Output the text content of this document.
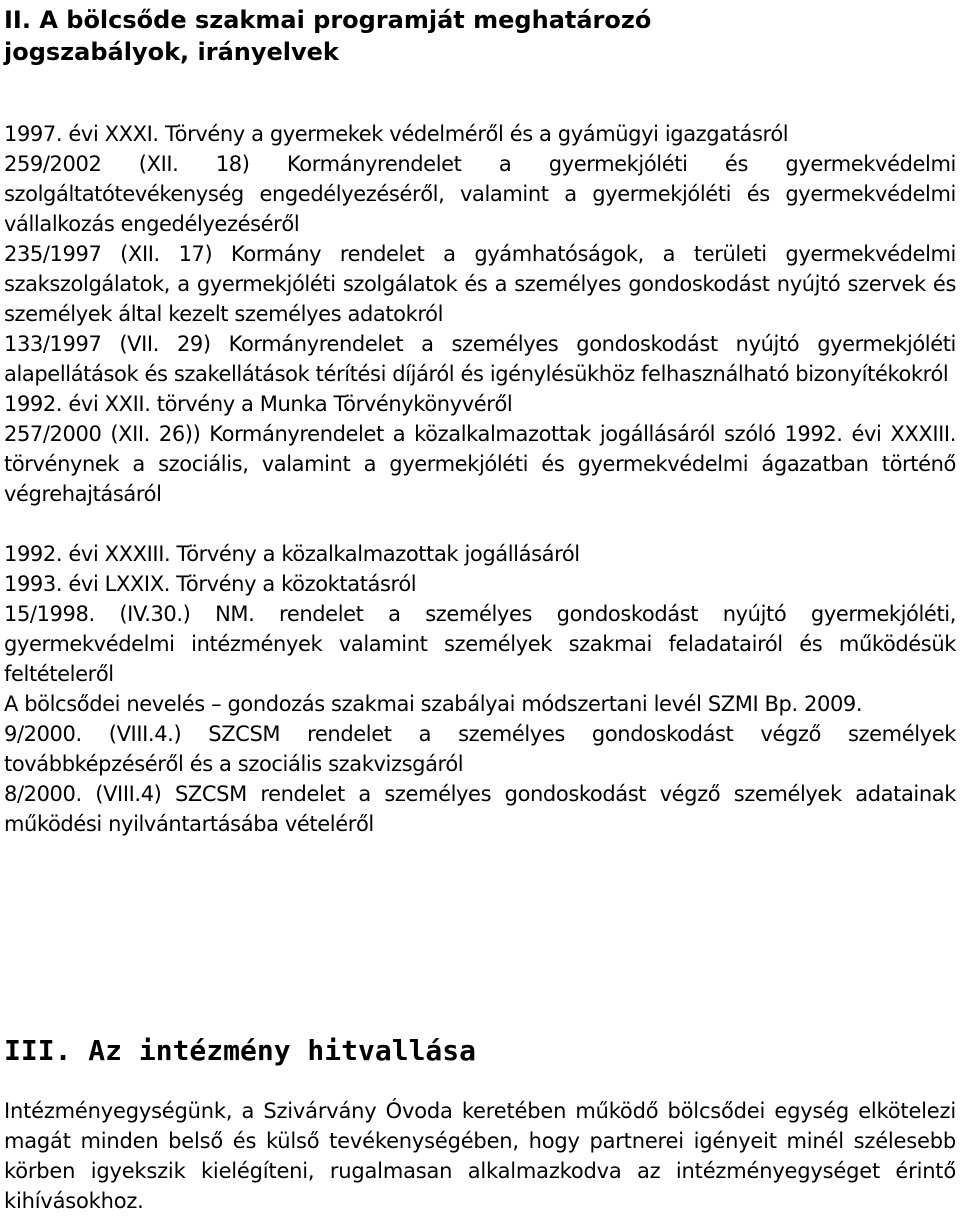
II. A bölcsőde szakmai programját meghatározó
jogszabályok, irányelvek

1997. évi XXXI. Törvény a gyermekek védelméről és a gyámügyi igazgatásról

259/2002 (XII. 18) Kormányrendelet a gyermekjóléti és gyermekvédelmi szolgáltatótevékenység engedélyezéséről, valamint a gyermekjóléti és gyermekvédelmi vállalkozás engedélyezéséről

235/1997 (XII. 17) Kormány rendelet a gyámhatóságok, a területi gyermekvédelmi szakszolgálatok, a gyermekjóléti szolgálatok és a személyes gondoskodást nyújtó szervek és személyek által kezelt személyes adatokról

133/1997 (VII. 29) Kormányrendelet a személyes gondoskodást nyújtó gyermekjóléti alapellátások és szakellátások térítési díjáról és igénylésükhöz felhasználható bizonyítékokról

1992. évi XXII. törvény a Munka Törvénykönyvéről

257/2000 (XII. 26)) Kormányrendelet a közalkalmazottak jogállásáról szóló 1992. évi XXXIII. törvénynek a szociális, valamint a gyermekjóléti és gyermekvédelmi ágazatban történő végrehajtásáról

1992. évi XXXIII. Törvény a közalkalmazottak jogállásáról

1993. évi LXXIX. Törvény a közoktatásról

15/1998. (IV.30.) NM. rendelet a személyes gondoskodást nyújtó gyermekjóléti, gyermekvédelmi intézmények valamint személyek szakmai feladatairól és működésük feltételeről

A bölcsődei nevelés – gondozás szakmai szabályai módszertani levél SZMI Bp. 2009.

9/2000. (VIII.4.) SZCSM rendelet a személyes gondoskodást végző személyek továbbképzéséről és a szociális szakvizsgáról

8/2000. (VIII.4) SZCSM rendelet a személyes gondoskodást végző személyek adatainak működési nyilvántartásába vételéről

III. Az intézmény hitvallása

Intézményegységünk, a Szivárvány Óvoda keretében működő bölcsődei egység elkötelezi magát minden belső és külső tevékenységében, hogy partnerei igényeit minél szélesebb körben igyekszik kielégíteni, rugalmasan alkalmazkodva az intézményegységet érintő kihívásokhoz.
